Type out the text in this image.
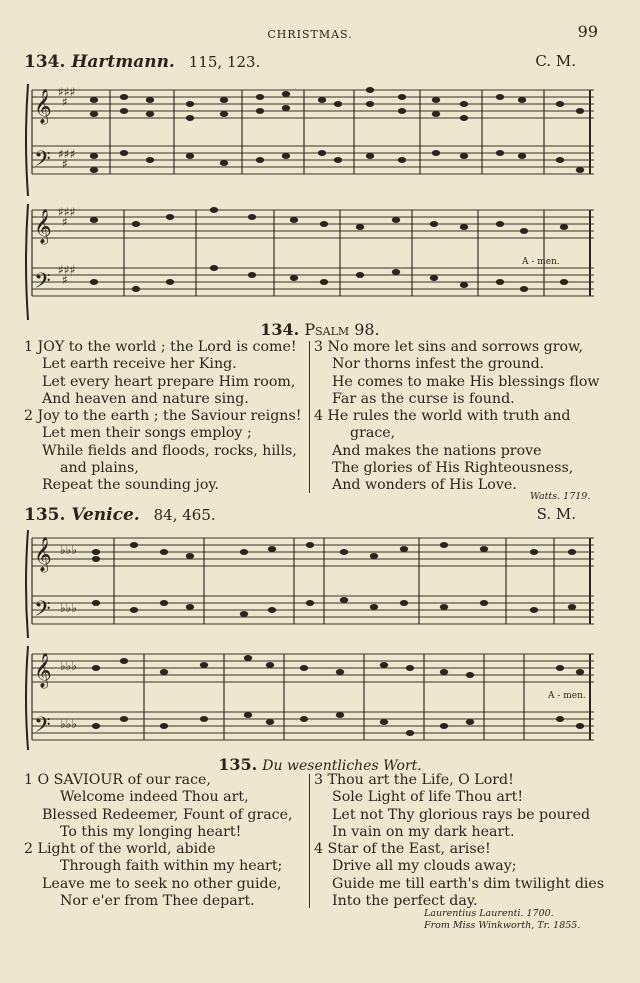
CHRISTMAS.	99
134. Hartmann. 115, 123.	C. M.
𝄞
𝄢
𝄞
𝄢
♯♯♯
♯
♯♯♯
♯
♯♯♯
♯
♯♯♯
♯
A - men.
134. Psalm 98.
1 JOY to the world ; the Lord is come!
Let earth receive her King.
Let every heart prepare Him room,
And heaven and nature sing.
2 Joy to the earth ; the Saviour reigns!
Let men their songs employ ;
While fields and floods, rocks, hills,
and plains,
Repeat the sounding joy.
3 No more let sins and sorrows grow,
Nor thorns infest the ground.
He comes to make His blessings flow
Far as the curse is found.
4 He rules the world with truth and
grace,
And makes the nations prove
The glories of His Righteousness,
And wonders of His Love.
Watts. 1719.
135. Venice. 84, 465.	S. M.
𝄞
𝄢
𝄞
𝄢
♭♭♭
♭♭♭
♭♭♭
♭♭♭
A - men.
135. Du wesentliches Wort.
1 O SAVIOUR of our race,
Welcome indeed Thou art,
Blessed Redeemer, Fount of grace,
To this my longing heart!
2 Light of the world, abide
Through faith within my heart;
Leave me to seek no other guide,
Nor e'er from Thee depart.
3 Thou art the Life, O Lord!
Sole Light of life Thou art!
Let not Thy glorious rays be poured
In vain on my dark heart.
4 Star of the East, arise!
Drive all my clouds away;
Guide me till earth's dim twilight dies
Into the perfect day.
Laurentius Laurenti. 1700.
From Miss Winkworth, Tr. 1855.
